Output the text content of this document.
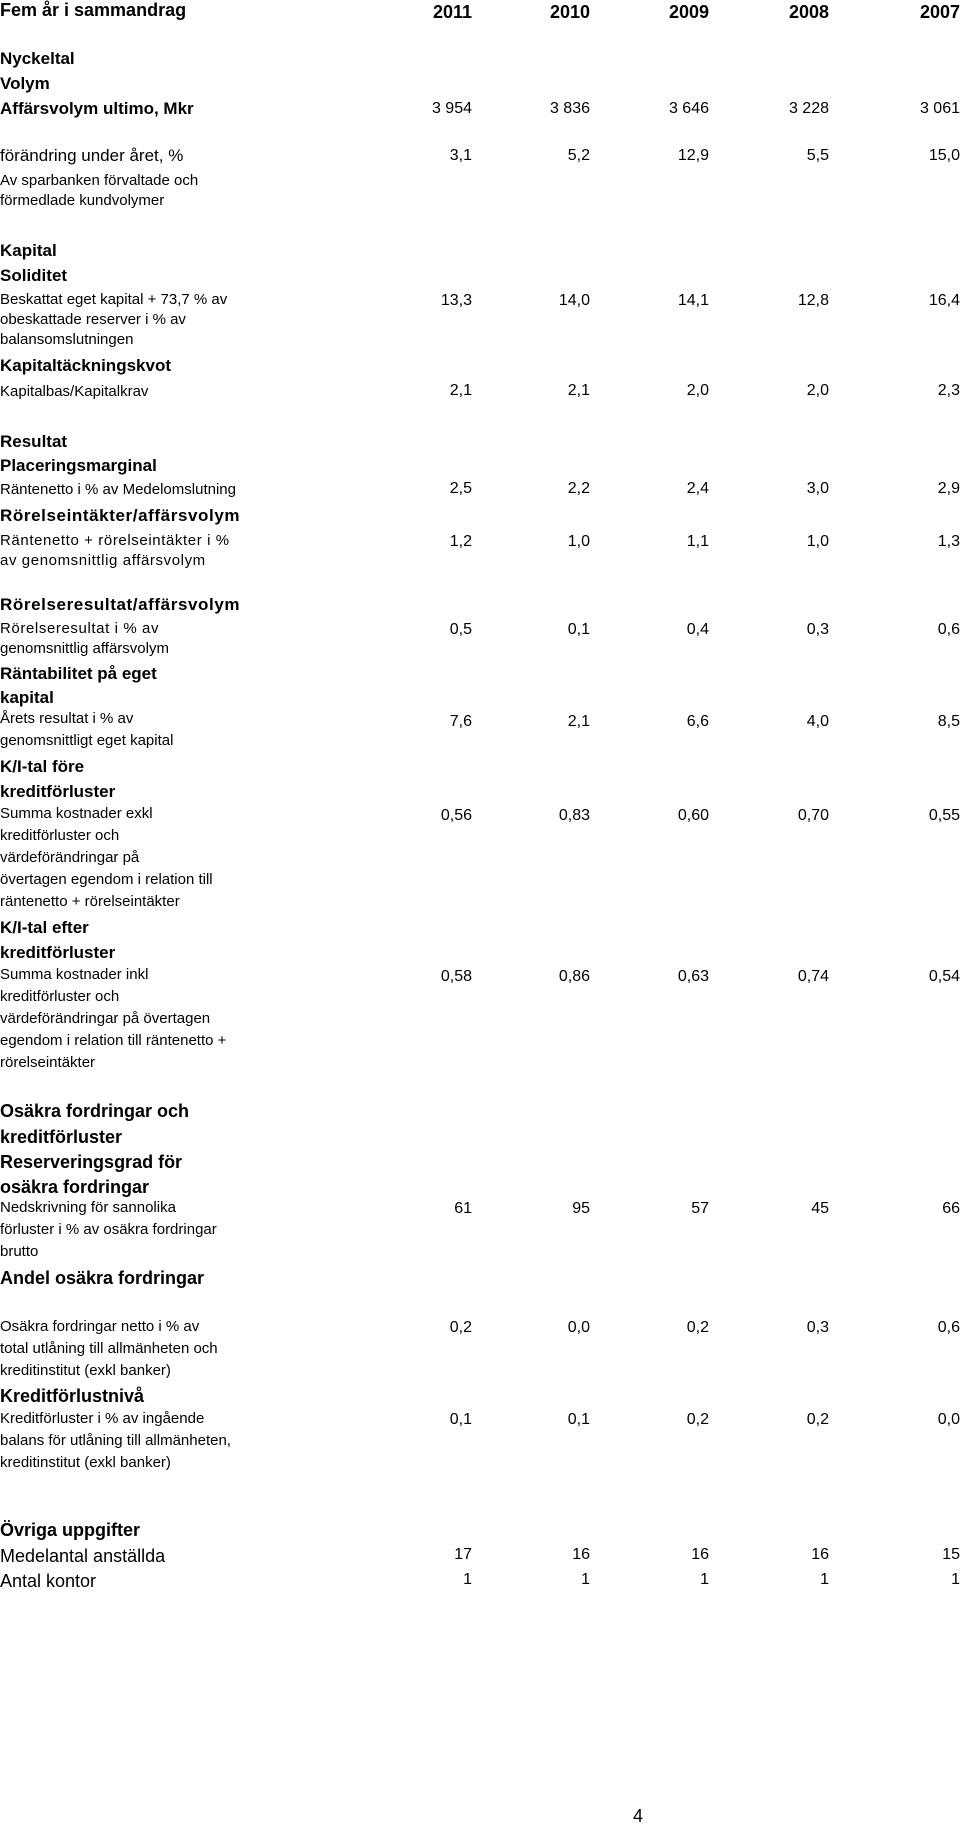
Fem år i sammandrag	2011	2010	2009	2008	2007
Nyckeltal
Volym
Affärsvolym ultimo, Mkr	3 954	3 836	3 646	3 228	3 061
förändring under året, %	3,1	5,2	12,9	5,5	15,0
Av sparbanken förvaltade och
förmedlade kundvolymer
Kapital
Soliditet
Beskattat eget kapital + 73,7 % av
obeskattade reserver i % av
balansomslutningen
13,3	14,0	14,1	12,8	16,4
Kapitaltäckningskvot
Kapitalbas/Kapitalkrav	2,1	2,1	2,0	2,0	2,3
Resultat
Placeringsmarginal
Räntenetto i % av Medelomslutning	2,5	2,2	2,4	3,0	2,9
Rörelseintäkter/affärsvolym
Räntenetto + rörelseintäkter i %
av genomsnittlig affärsvolym
1,2	1,0	1,1	1,0	1,3
Rörelseresultat/affärsvolym
Rörelseresultat i % av
genomsnittlig affärsvolym
0,5	0,1	0,4	0,3	0,6
Räntabilitet på eget
kapital
Årets resultat i % av
genomsnittligt eget kapital
7,6	2,1	6,6	4,0	8,5
K/I-tal före
kreditförluster
Summa kostnader exkl
kreditförluster och
värdeförändringar på
övertagen egendom i relation till
räntenetto + rörelseintäkter
0,56	0,83	0,60	0,70	0,55
K/I-tal efter
kreditförluster
Summa kostnader inkl
kreditförluster och
värdeförändringar på övertagen
egendom i relation till räntenetto +
rörelseintäkter
0,58	0,86	0,63	0,74	0,54
Osäkra fordringar och
kreditförluster
Reserveringsgrad för
osäkra fordringar
Nedskrivning för sannolika
förluster i % av osäkra fordringar
brutto
61	95	57	45	66
Andel osäkra fordringar
Osäkra fordringar netto i % av
total utlåning till allmänheten och
kreditinstitut (exkl banker)
0,2	0,0	0,2	0,3	0,6
Kreditförlustnivå
Kreditförluster i % av ingående
balans för utlåning till allmänheten,
kreditinstitut (exkl banker)
0,1	0,1	0,2	0,2	0,0
Övriga uppgifter
Medelantal anställda	17	16	16	16	15
Antal kontor	1	1	1	1	1
4
